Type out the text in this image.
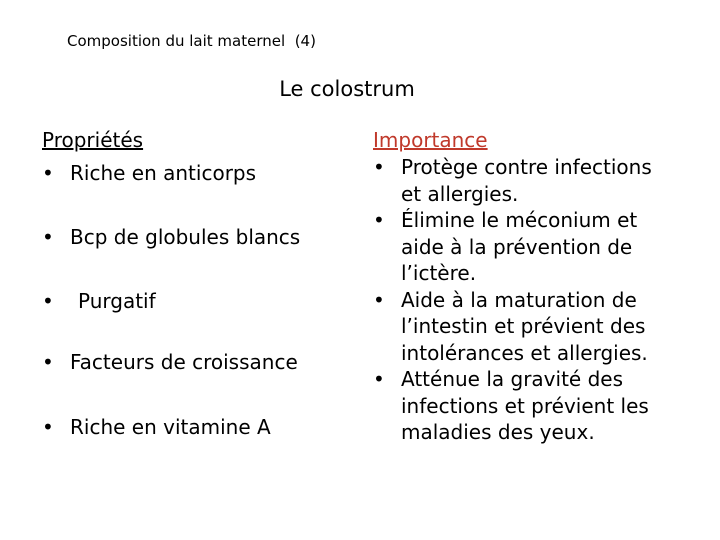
Composition du lait maternel (4)
Le colostrum
Propriétés
• Riche en anticorps
• Bcp de globules blancs
• Purgatif
• Facteurs de croissance
• Riche en vitamine A
Importance
• Protège contre infections et allergies.
• Élimine le méconium et aide à la prévention de l’ictère.
• Aide à la maturation de l’intestin et prévient des intolérances et allergies.
• Atténue la gravité des infections et prévient les maladies des yeux.
